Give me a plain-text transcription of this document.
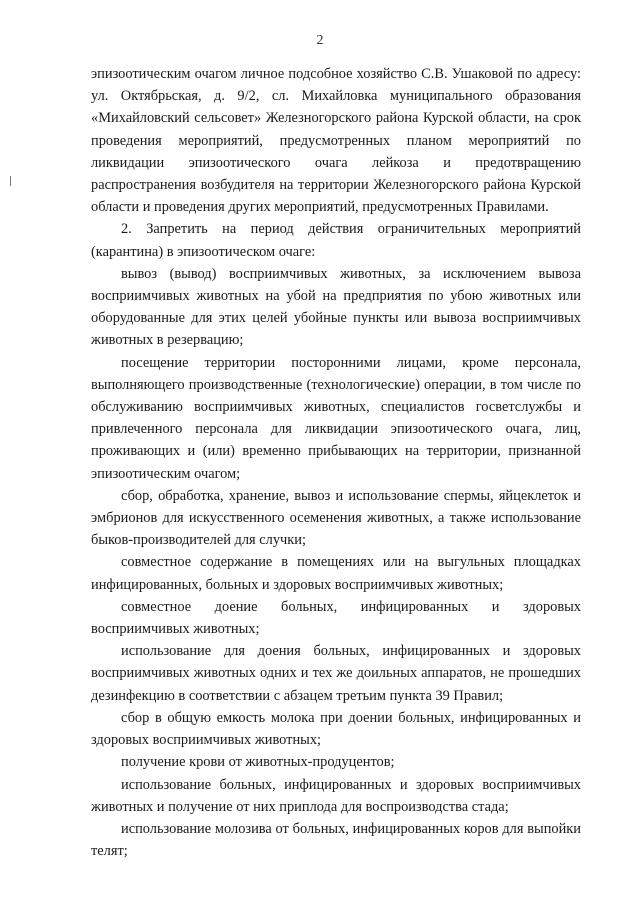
2

эпизоотическим очагом личное подсобное хозяйство С.В. Ушаковой по адресу: ул. Октябрьская, д. 9/2, сл. Михайловка муниципального образования «Михайловский сельсовет» Железногорского района Курской области, на срок проведения мероприятий, предусмотренных планом мероприятий по ликвидации эпизоотического очага лейкоза и предотвращению распространения возбудителя на территории Железногорского района Курской области и проведения других мероприятий, предусмотренных Правилами.

2. Запретить на период действия ограничительных мероприятий (карантина) в эпизоотическом очаге:

вывоз (вывод) восприимчивых животных, за исключением вывоза восприимчивых животных на убой на предприятия по убою животных или оборудованные для этих целей убойные пункты или вывоза восприимчивых животных в резервацию;

посещение территории посторонними лицами, кроме персонала, выполняющего производственные (технологические) операции, в том числе по обслуживанию восприимчивых животных, специалистов госветслужбы и привлеченного персонала для ликвидации эпизоотического очага, лиц, проживающих и (или) временно прибывающих на территории, признанной эпизоотическим очагом;

сбор, обработка, хранение, вывоз и использование спермы, яйцеклеток и эмбрионов для искусственного осеменения животных, а также использование быков-производителей для случки;

совместное содержание в помещениях или на выгульных площадках инфицированных, больных и здоровых восприимчивых животных;

совместное доение больных, инфицированных и здоровых восприимчивых животных;

использование для доения больных, инфицированных и здоровых восприимчивых животных одних и тех же доильных аппаратов, не прошедших дезинфекцию в соответствии с абзацем третьим пункта 39 Правил;

сбор в общую емкость молока при доении больных, инфицированных и здоровых восприимчивых животных;

получение крови от животных-продуцентов;

использование больных, инфицированных и здоровых восприимчивых животных и получение от них приплода для воспроизводства стада;

использование молозива от больных, инфицированных коров для выпойки телят;
